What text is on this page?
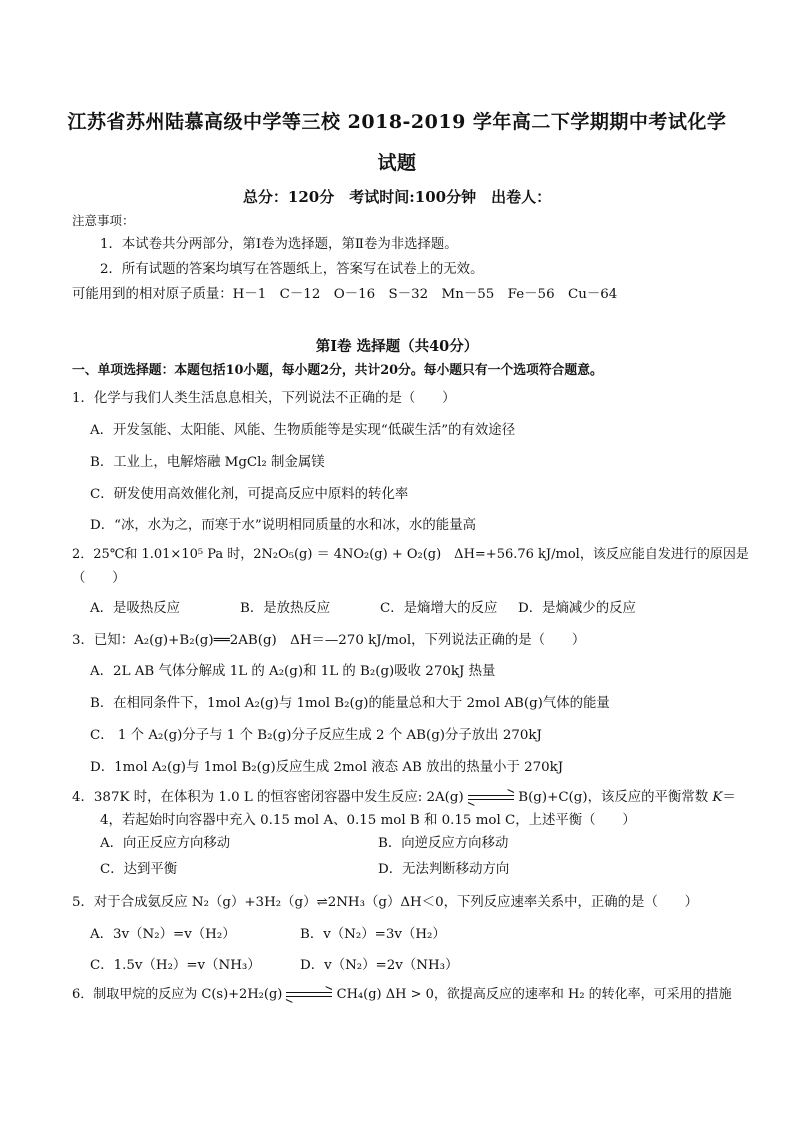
江苏省苏州陆慕高级中学等三校 2018-2019 学年高二下学期期中考试化学
试题
总分：120分　考试时间:100分钟　出卷人：
注意事项：
1．本试卷共分两部分，第Ⅰ卷为选择题，第Ⅱ卷为非选择题。
2．所有试题的答案均填写在答题纸上，答案写在试卷上的无效。
可能用到的相对原子质量：H－1　C－12　O－16　S－32　Mn－55　Fe－56　Cu－64
第Ⅰ卷 选择题（共40分）
一、单项选择题：本题包括10小题，每小题2分，共计20分。每小题只有一个选项符合题意。
1．化学与我们人类生活息息相关，下列说法不正确的是（　　）
A．开发氢能、太阳能、风能、生物质能等是实现“低碳生活”的有效途径
B．工业上，电解熔融 MgCl₂ 制金属镁
C．研发使用高效催化剂，可提高反应中原料的转化率
D．“冰，水为之，而寒于水”说明相同质量的水和冰，水的能量高
2．25℃和 1.01×10⁵ Pa 时，2N₂O₅(g) ＝ 4NO₂(g) + O₂(g)　ΔH=+56.76 kJ/mol，该反应能自发进行的原因是
（　　）
A．是吸热反应	B．是放热反应	C．是熵增大的反应 D．是熵减少的反应
3．已知：A₂(g)+B₂(g)══2AB(g)　ΔH＝—270 kJ/mol，下列说法正确的是（　　）
A．2L AB 气体分解成 1L 的 A₂(g)和 1L 的 B₂(g)吸收 270kJ 热量
B．在相同条件下，1mol A₂(g)与 1mol B₂(g)的能量总和大于 2mol AB(g)气体的能量
C． 1 个 A₂(g)分子与 1 个 B₂(g)分子反应生成 2 个 AB(g)分子放出 270kJ
D．1mol A₂(g)与 1mol B₂(g)反应生成 2mol 液态 AB 放出的热量小于 270kJ
4．387K 时，在体积为 1.0 L 的恒容密闭容器中发生反应: 2A(g)	B(g)+C(g)，该反应的平衡常数 K＝
4，若起始时向容器中充入 0.15 mol A、0.15 mol B 和 0.15 mol C，上述平衡（　　）
A．向正反应方向移动	B．向逆反应方向移动
C．达到平衡	D．无法判断移动方向
5．对于合成氨反应 N₂（g）+3H₂（g）⇌2NH₃（g）ΔH＜0，下列反应速率关系中，正确的是（　　）
A．3v（N₂）=v（H₂）	B．v（N₂）=3v（H₂）
C．1.5v（H₂）=v（NH₃）	D．v（N₂）=2v（NH₃）
6．制取甲烷的反应为 C(s)+2H₂(g)	CH₄(g) ΔH > 0，欲提高反应的速率和 H₂ 的转化率，可采用的措施
